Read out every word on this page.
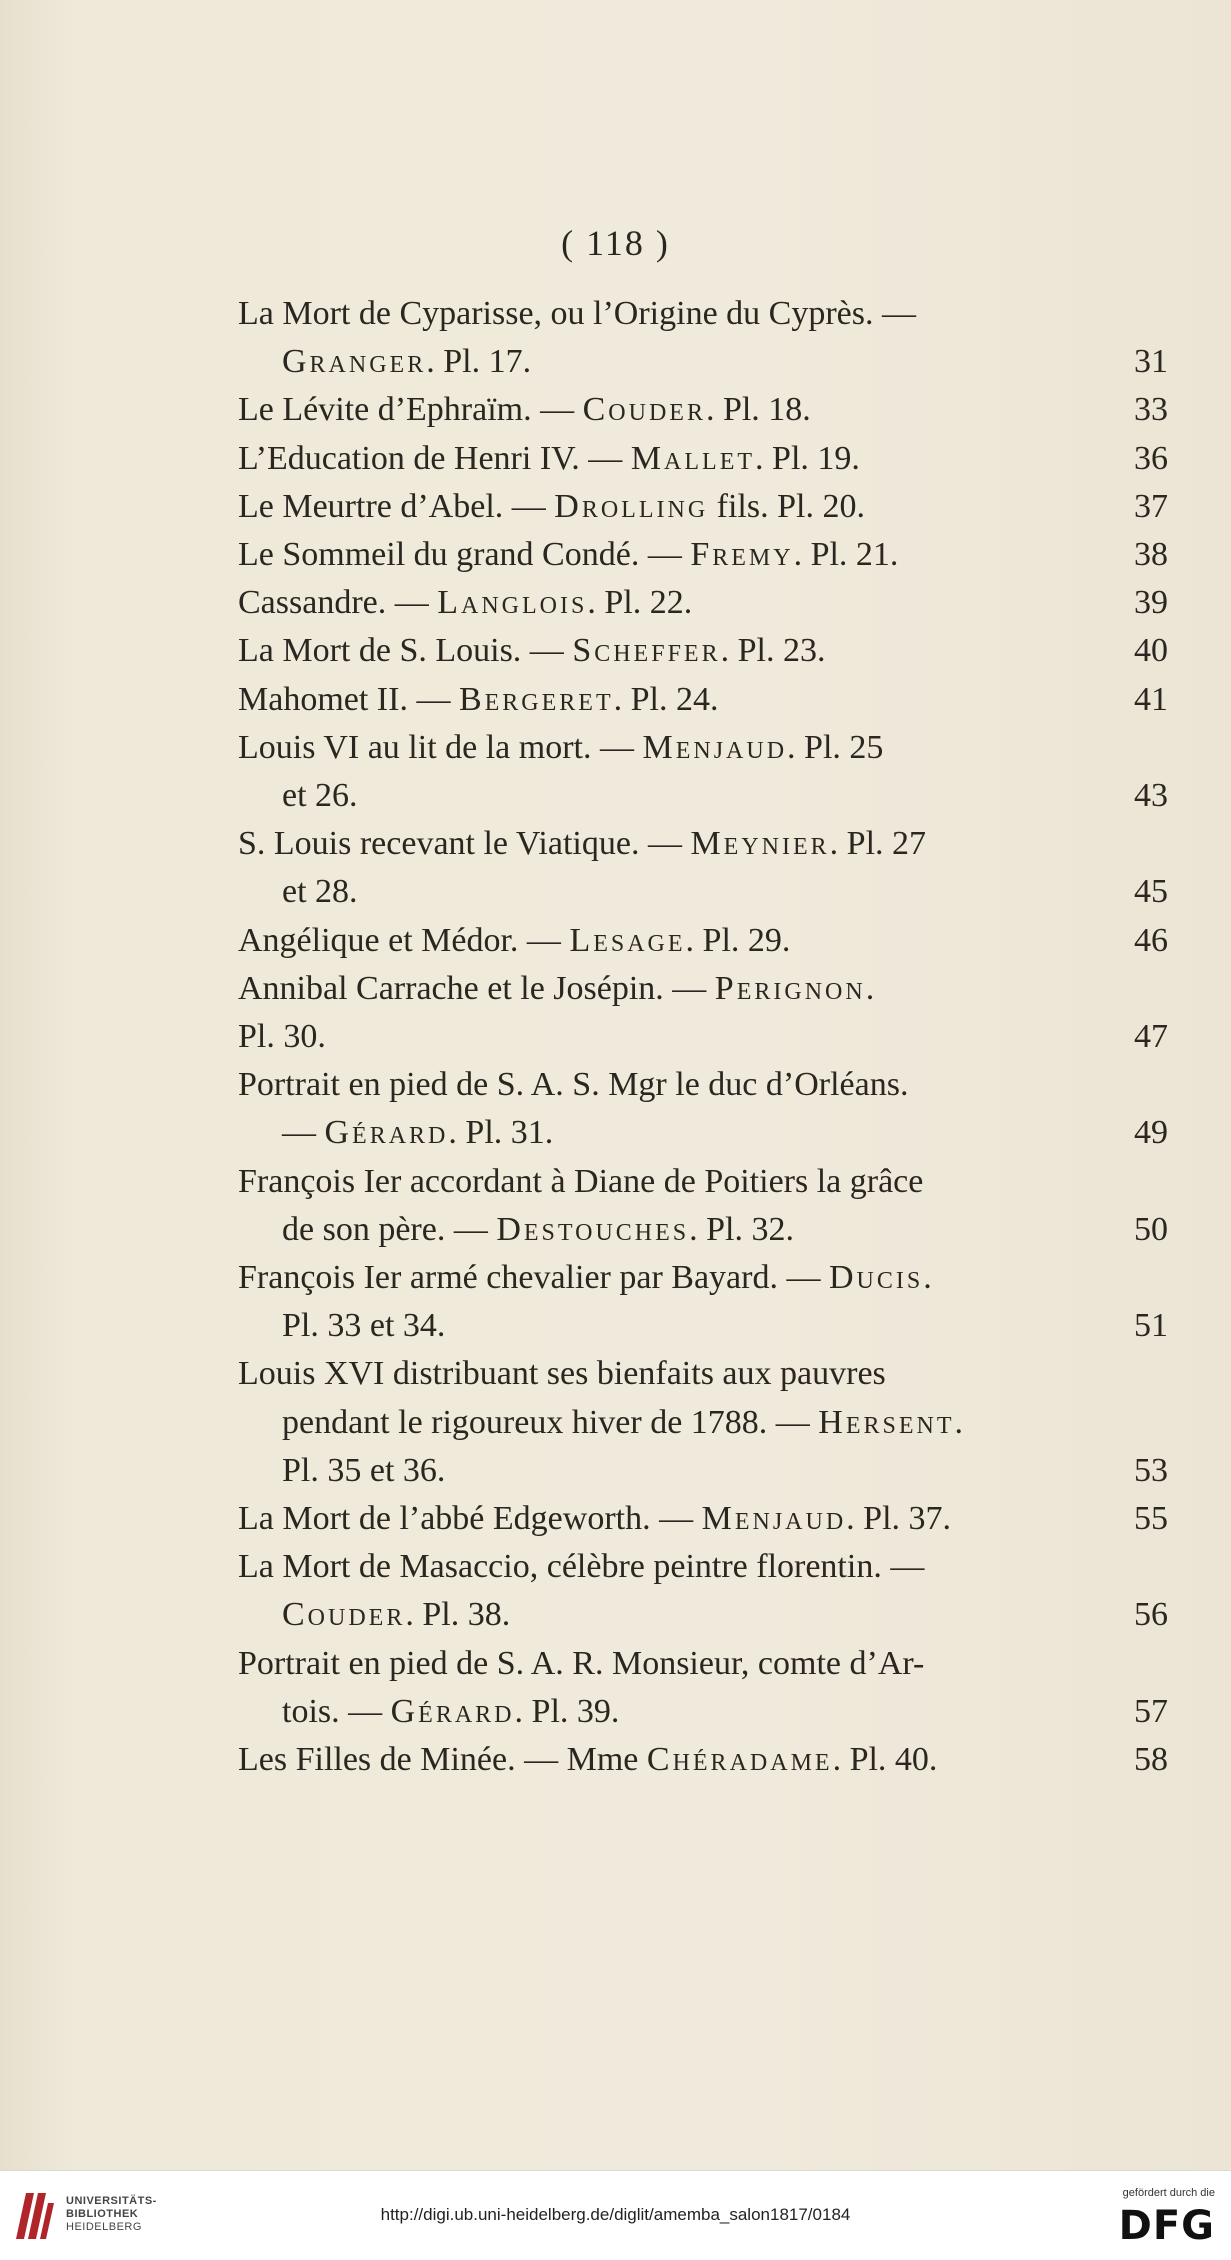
( 118 )
La Mort de Cyparisse, ou l’Origine du Cyprès. —
Granger. Pl. 17.	31
Le Lévite d’Ephraïm. — Couder. Pl. 18.	33
L’Education de Henri IV. — Mallet. Pl. 19.	36
Le Meurtre d’Abel. — Drolling fils. Pl. 20.	37
Le Sommeil du grand Condé. — Fremy. Pl. 21.	38
Cassandre. — Langlois. Pl. 22.	39
La Mort de S. Louis. — Scheffer. Pl. 23.	40
Mahomet II. — Bergeret. Pl. 24.	41
Louis VI au lit de la mort. — Menjaud. Pl. 25
et 26.	43
S. Louis recevant le Viatique. — Meynier. Pl. 27
et 28.	45
Angélique et Médor. — Lesage. Pl. 29.	46
Annibal Carrache et le Josépin. — Perignon.
Pl. 30.	47
Portrait en pied de S. A. S. Mgr le duc d’Orléans.
— Gérard. Pl. 31.	49
François Ier accordant à Diane de Poitiers la grâce
de son père. — Destouches. Pl. 32.	50
François Ier armé chevalier par Bayard. — Ducis.
Pl. 33 et 34.	51
Louis XVI distribuant ses bienfaits aux pauvres
pendant le rigoureux hiver de 1788. — Hersent.
Pl. 35 et 36.	53
La Mort de l’abbé Edgeworth. — Menjaud. Pl. 37.	55
La Mort de Masaccio, célèbre peintre florentin. —
Couder. Pl. 38.	56
Portrait en pied de S. A. R. Monsieur, comte d’Ar-
tois. — Gérard. Pl. 39.	57
Les Filles de Minée. — Mme Chéradame. Pl. 40.	58
UNIVERSITÄTS-
BIBLIOTHEK
HEIDELBERG
http://digi.ub.uni-heidelberg.de/diglit/amemba_salon1817/0184
gefördert durch die
DFG
